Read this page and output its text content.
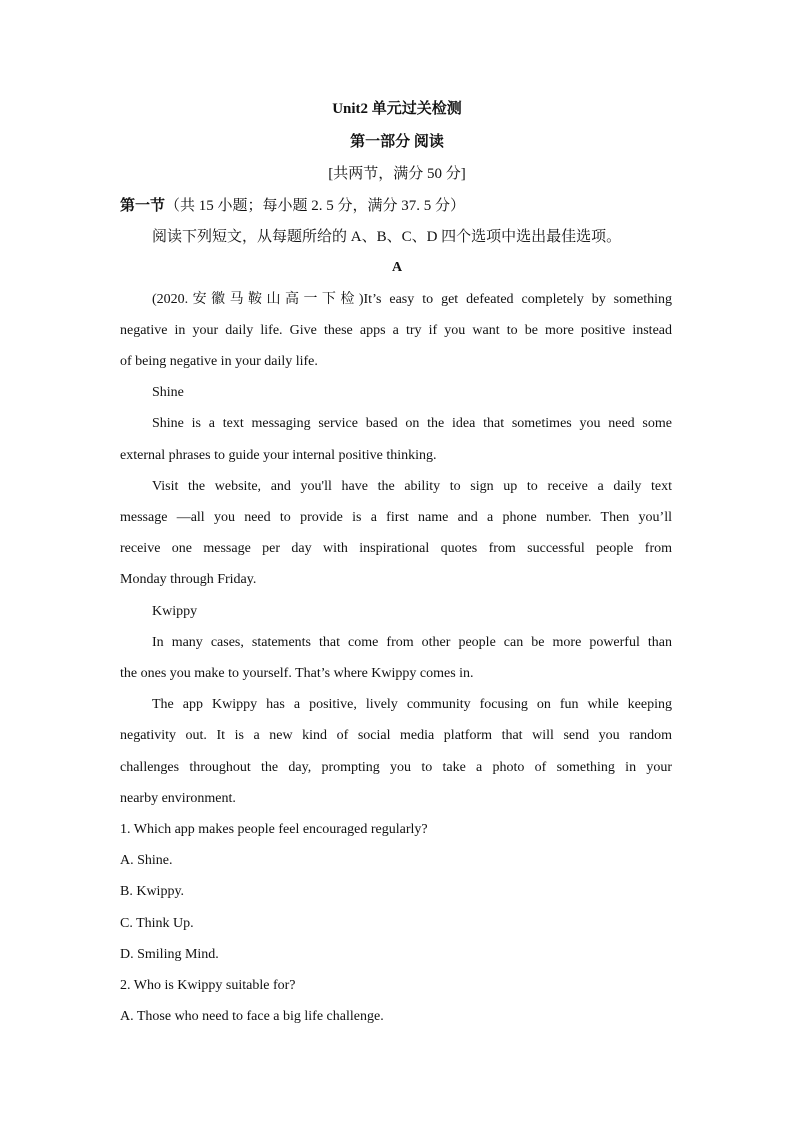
Unit2 单元过关检测
第一部分 阅读
[共两节，满分 50 分]
第一节（共 15 小题；每小题 2. 5 分，满分 37. 5 分）
阅读下列短文，从每题所给的 A、B、C、D 四个选项中选出最佳选项。
A
(2020.安徽马鞍山高一下检)It’s easy to get defeated completely by something
negative in your daily life. Give these apps a try if you want to be more positive instead
of being negative in your daily life.
Shine
Shine is a text messaging service based on the idea that sometimes you need some
external phrases to guide your internal positive thinking.
Visit the website, and you'll have the ability to sign up to receive a daily text
message —all you need to provide is a first name and a phone number. Then you’ll
receive one message per day with inspirational quotes from successful people from
Monday through Friday.
Kwippy
In many cases, statements that come from other people can be more powerful than
the ones you make to yourself. That’s where Kwippy comes in.
The app Kwippy has a positive, lively community focusing on fun while keeping
negativity out. It is a new kind of social media platform that will send you random
challenges throughout the day, prompting you to take a photo of something in your
nearby environment.
1. Which app makes people feel encouraged regularly?
A. Shine.
B. Kwippy.
C. Think Up.
D. Smiling Mind.
2. Who is Kwippy suitable for?
A. Those who need to face a big life challenge.
